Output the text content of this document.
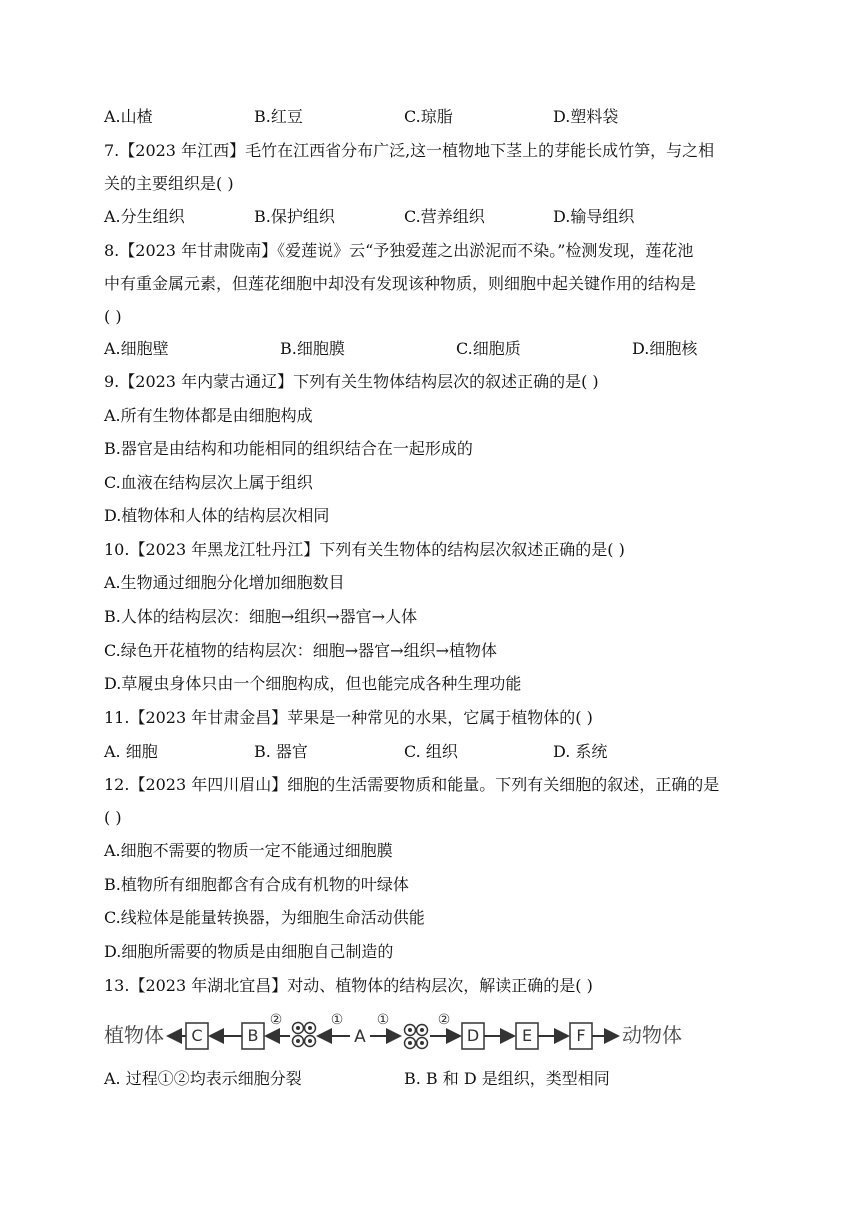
A.山楂	B.红豆	C.琼脂	D.塑料袋
7.【2023 年江西】毛竹在江西省分布广泛,这一植物地下茎上的芽能长成竹笋，与之相
关的主要组织是( )
A.分生组织	B.保护组织	C.营养组织	D.输导组织
8.【2023 年甘肃陇南】《爱莲说》云“予独爱莲之出淤泥而不染。”检测发现，莲花池
中有重金属元素，但莲花细胞中却没有发现该种物质，则细胞中起关键作用的结构是
( )
A.细胞壁	B.细胞膜	C.细胞质	D.细胞核
9.【2023 年内蒙古通辽】下列有关生物体结构层次的叙述正确的是( )
A.所有生物体都是由细胞构成
B.器官是由结构和功能相同的组织结合在一起形成的
C.血液在结构层次上属于组织
D.植物体和人体的结构层次相同
10.【2023 年黑龙江牡丹江】下列有关生物体的结构层次叙述正确的是( )
A.生物通过细胞分化增加细胞数目
B.人体的结构层次：细胞→组织→器官→人体
C.绿色开花植物的结构层次：细胞→器官→组织→植物体
D.草履虫身体只由一个细胞构成，但也能完成各种生理功能
11.【2023 年甘肃金昌】苹果是一种常见的水果，它属于植物体的( )
A. 细胞	B. 器官	C. 组织	D. 系统
12.【2023 年四川眉山】细胞的生活需要物质和能量。下列有关细胞的叙述，正确的是
( )
A.细胞不需要的物质一定不能通过细胞膜
B.植物所有细胞都含有合成有机物的叶绿体
C.线粒体是能量转换器，为细胞生命活动供能
D.细胞所需要的物质是由细胞自己制造的
13.【2023 年湖北宜昌】对动、植物体的结构层次，解读正确的是( )
植物体 C	B
②	①
A
①	②
D	E	F 动物体
A. 过程①②均表示细胞分裂	B. B 和 D 是组织，类型相同
